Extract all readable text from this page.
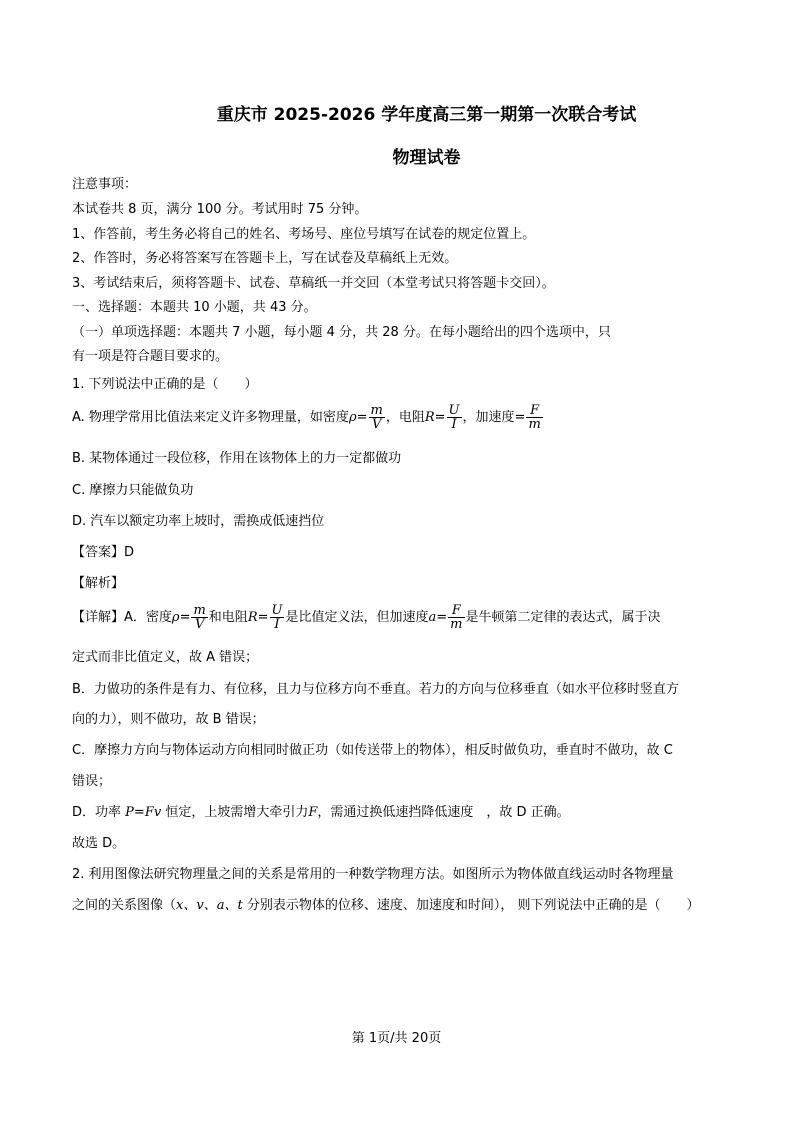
重庆市 2025-2026 学年度高三第一期第一次联合考试
物理试卷
注意事项：
本试卷共 8 页，满分 100 分。考试用时 75 分钟。
1、作答前，考生务必将自己的姓名、考场号、座位号填写在试卷的规定位置上。
2、作答时，务必将答案写在答题卡上，写在试卷及草稿纸上无效。
3、考试结束后，须将答题卡、试卷、草稿纸一并交回（本堂考试只将答题卡交回）。
一、选择题：本题共 10 小题，共 43 分。
（一）单项选择题：本题共 7 小题，每小题 4 分，共 28 分。在每小题给出的四个选项中，只
有一项是符合题目要求的。
1. 下列说法中正确的是（　　）
A. 物理学常用比值法来定义许多物理量，如密度$\rho= \frac{m}{V}$ ，电阻$R= \frac{U}{I}$ ，加速度= $\frac{F}{m}$
B. 某物体通过一段位移，作用在该物体上的力一定都做功
C. 摩擦力只能做负功
D. 汽车以额定功率上坡时，需换成低速挡位
【答案】D
【解析】
【详解】A．密度$\rho= \frac{m}{V}$ 和电阻$R= \frac{U}{I}$ 是比值定义法，但加速度$a= \frac{F}{m}$ 是牛顿第二定律的表达式，属于决
定式而非比值定义，故 A 错误；
B．力做功的条件是有力、有位移，且力与位移方向不垂直。若力的方向与位移垂直（如水平位移时竖直方
向的力），则不做功，故 B 错误；
C．摩擦力方向与物体运动方向相同时做正功（如传送带上的物体），相反时做负功，垂直时不做功，故 C
错误；
D．功率 P=Fv 恒定，上坡需增大牵引力F，需通过换低速挡降低速度　，故 D 正确。
故选 D。
2. 利用图像法研究物理量之间的关系是常用的一种数学物理方法。如图所示为物体做直线运动时各物理量
之间的关系图像（x、v、a、t 分别表示物体的位移、速度、加速度和时间）， 则下列说法中正确的是（　　）
第 1页/共 20页
